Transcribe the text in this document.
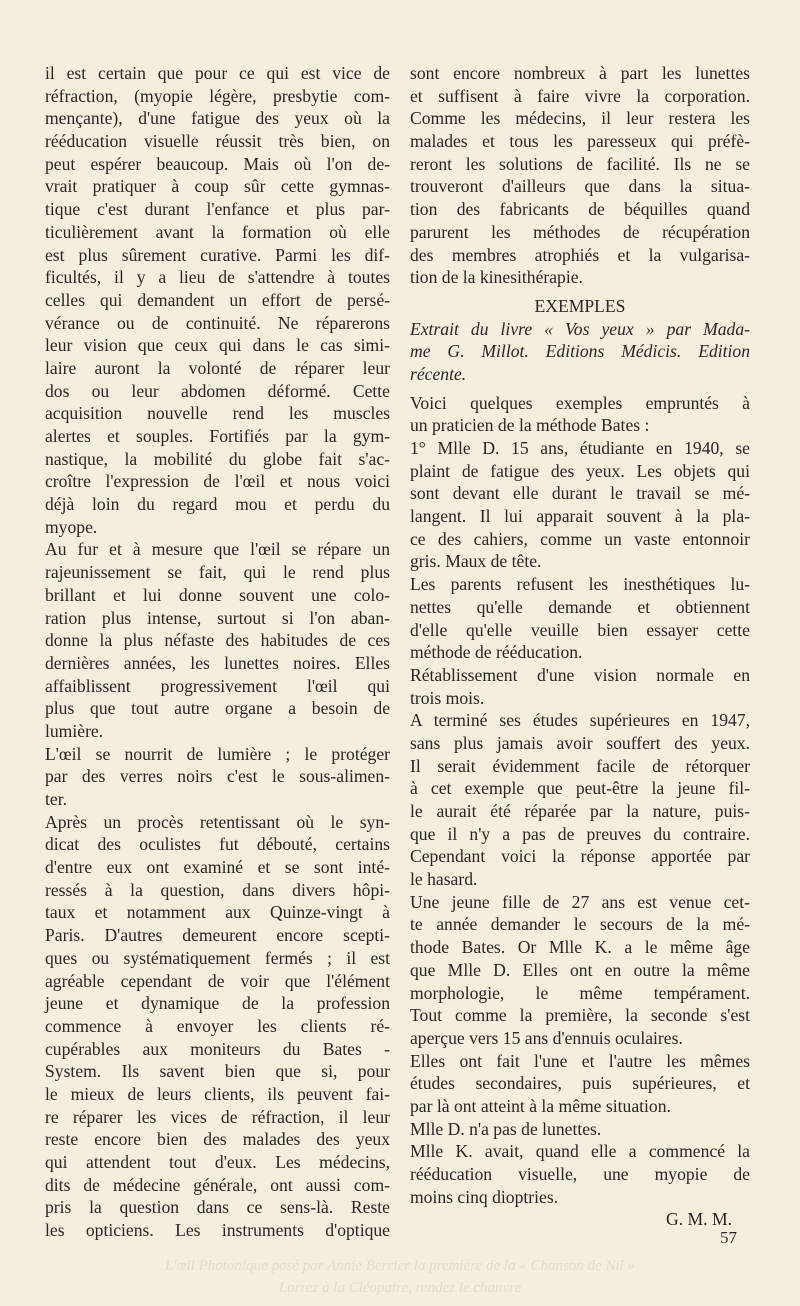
il est certain que pour ce qui est vice de
réfraction, (myopie légère, presbytie com-
mençante), d'une fatigue des yeux où la
rééducation visuelle réussit très bien, on
peut espérer beaucoup. Mais où l'on de-
vrait pratiquer à coup sûr cette gymnas-
tique c'est durant l'enfance et plus par-
ticulièrement avant la formation où elle
est plus sûrement curative. Parmi les dif-
ficultés, il y a lieu de s'attendre à toutes
celles qui demandent un effort de persé-
vérance ou de continuité. Ne réparerons
leur vision que ceux qui dans le cas simi-
laire auront la volonté de réparer leur
dos ou leur abdomen déformé. Cette
acquisition nouvelle rend les muscles
alertes et souples. Fortifiés par la gym-
nastique, la mobilité du globe fait s'ac-
croître l'expression de l'œil et nous voici
déjà loin du regard mou et perdu du
myope.
Au fur et à mesure que l'œil se répare un
rajeunissement se fait, qui le rend plus
brillant et lui donne souvent une colo-
ration plus intense, surtout si l'on aban-
donne la plus néfaste des habitudes de ces
dernières années, les lunettes noires. Elles
affaiblissent progressivement l'œil qui
plus que tout autre organe a besoin de
lumière.
L'œil se nourrit de lumière ; le protéger
par des verres noirs c'est le sous-alimen-
ter.
Après un procès retentissant où le syn-
dicat des oculistes fut débouté, certains
d'entre eux ont examiné et se sont inté-
ressés à la question, dans divers hôpi-
taux et notamment aux Quinze-vingt à
Paris. D'autres demeurent encore scepti-
ques ou systématiquement fermés ; il est
agréable cependant de voir que l'élément
jeune et dynamique de la profession
commence à envoyer les clients ré-
cupérables aux moniteurs du Bates -
System. Ils savent bien que si, pour
le mieux de leurs clients, ils peuvent fai-
re réparer les vices de réfraction, il leur
reste encore bien des malades des yeux
qui attendent tout d'eux. Les médecins,
dits de médecine générale, ont aussi com-
pris la question dans ce sens-là. Reste
les opticiens. Les instruments d'optique
sont encore nombreux à part les lunettes
et suffisent à faire vivre la corporation.
Comme les médecins, il leur restera les
malades et tous les paresseux qui préfè-
reront les solutions de facilité. Ils ne se
trouveront d'ailleurs que dans la situa-
tion des fabricants de béquilles quand
parurent les méthodes de récupération
des membres atrophiés et la vulgarisa-
tion de la kinesithérapie.
EXEMPLES
Extrait du livre « Vos yeux » par Mada-
me G. Millot. Editions Médicis. Edition
récente.
Voici quelques exemples empruntés à
un praticien de la méthode Bates :
1° Mlle D. 15 ans, étudiante en 1940, se
plaint de fatigue des yeux. Les objets qui
sont devant elle durant le travail se mé-
langent. Il lui apparait souvent à la pla-
ce des cahiers, comme un vaste entonnoir
gris. Maux de tête.
Les parents refusent les inesthétiques lu-
nettes qu'elle demande et obtiennent
d'elle qu'elle veuille bien essayer cette
méthode de rééducation.
Rétablissement d'une vision normale en
trois mois.
A terminé ses études supérieures en 1947,
sans plus jamais avoir souffert des yeux.
Il serait évidemment facile de rétorquer
à cet exemple que peut-être la jeune fil-
le aurait été réparée par la nature, puis-
que il n'y a pas de preuves du contraire.
Cependant voici la réponse apportée par
le hasard.
Une jeune fille de 27 ans est venue cet-
te année demander le secours de la mé-
thode Bates. Or Mlle K. a le même âge
que Mlle D. Elles ont en outre la même
morphologie, le même tempérament.
Tout comme la première, la seconde s'est
aperçue vers 15 ans d'ennuis oculaires.
Elles ont fait l'une et l'autre les mêmes
études secondaires, puis supérieures, et
par là ont atteint à la même situation.
Mlle D. n'a pas de lunettes.
Mlle K. avait, quand elle a commencé la
rééducation visuelle, une myopie de
moins cinq dioptries.
G. M. M.
57
L'œil Photonique posé par Annie Berrier la première de la « Chanson de Nil »
Lorrez à la Cléopatre, rendez le chanvre
